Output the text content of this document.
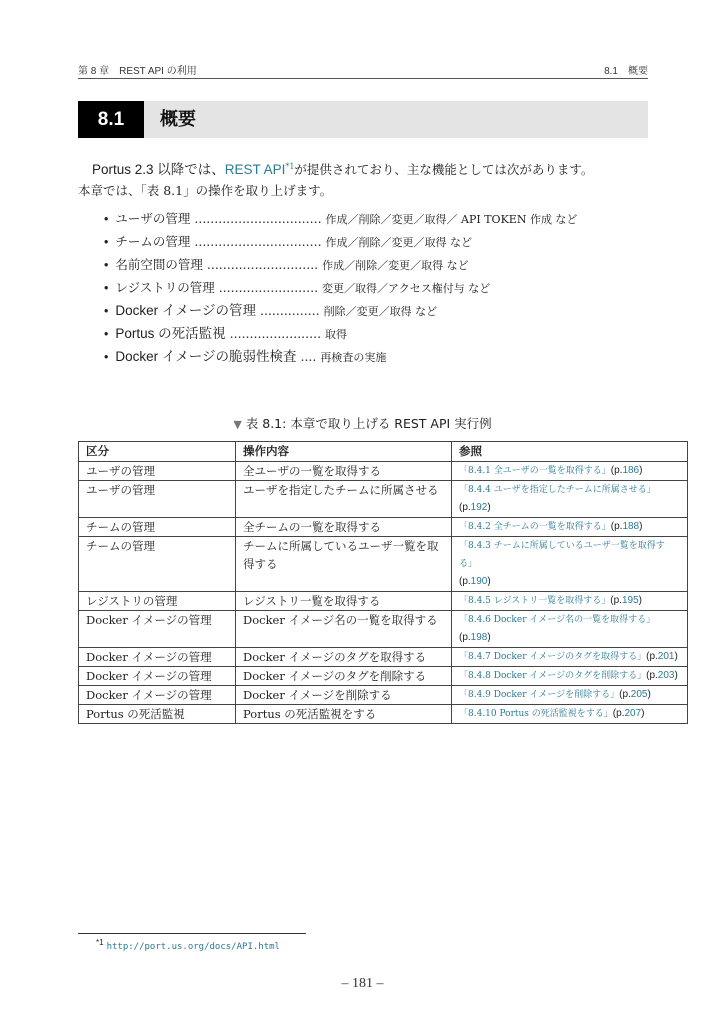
第 8 章　REST API の利用	8.1　概要
8.1	概要
Portus 2.3 以降では、REST API$^{*1}$が提供されており、主な機能としては次があります。
本章では、「表 8.1」の操作を取り上げます。
• ユーザの管理 ................................ 作成／削除／変更／取得／ API TOKEN 作成 など
• チームの管理 ................................ 作成／削除／変更／取得 など
• 名前空間の管理 ............................ 作成／削除／変更／取得 など
• レジストリの管理 ......................... 変更／取得／アクセス権付与 など
• Docker イメージの管理 ............... 削除／変更／取得 など
• Portus の死活監視 ....................... 取得
• Docker イメージの脆弱性検査 .... 再検査の実施
▼ 表 8.1: 本章で取り上げる REST API 実行例
区分	操作内容	参照
ユーザの管理	全ユーザの一覧を取得する	「8.4.1 全ユーザの一覧を取得する」(p.186)
ユーザの管理	ユーザを指定したチームに所属させる	「8.4.4 ユーザを指定したチームに所属させる」(p.192)
チームの管理	全チームの一覧を取得する	「8.4.2 全チームの一覧を取得する」(p.188)
チームの管理	チームに所属しているユーザ一覧を取得する	「8.4.3 チームに所属しているユーザ一覧を取得する」
(p.190)
レジストリの管理	レジストリ一覧を取得する	「8.4.5 レジストリ一覧を取得する」(p.195)
Docker イメージの管理	Docker イメージ名の一覧を取得する	「8.4.6 Docker イメージ名の一覧を取得する」(p.198)
Docker イメージの管理	Docker イメージのタグを取得する	「8.4.7 Docker イメージのタグを取得する」(p.201)
Docker イメージの管理	Docker イメージのタグを削除する	「8.4.8 Docker イメージのタグを削除する」(p.203)
Docker イメージの管理	Docker イメージを削除する	「8.4.9 Docker イメージを削除する」(p.205)
Portus の死活監視	Portus の死活監視をする	「8.4.10 Portus の死活監視をする」(p.207)
$^{*1}$ http://port.us.org/docs/API.html
– 181 –
